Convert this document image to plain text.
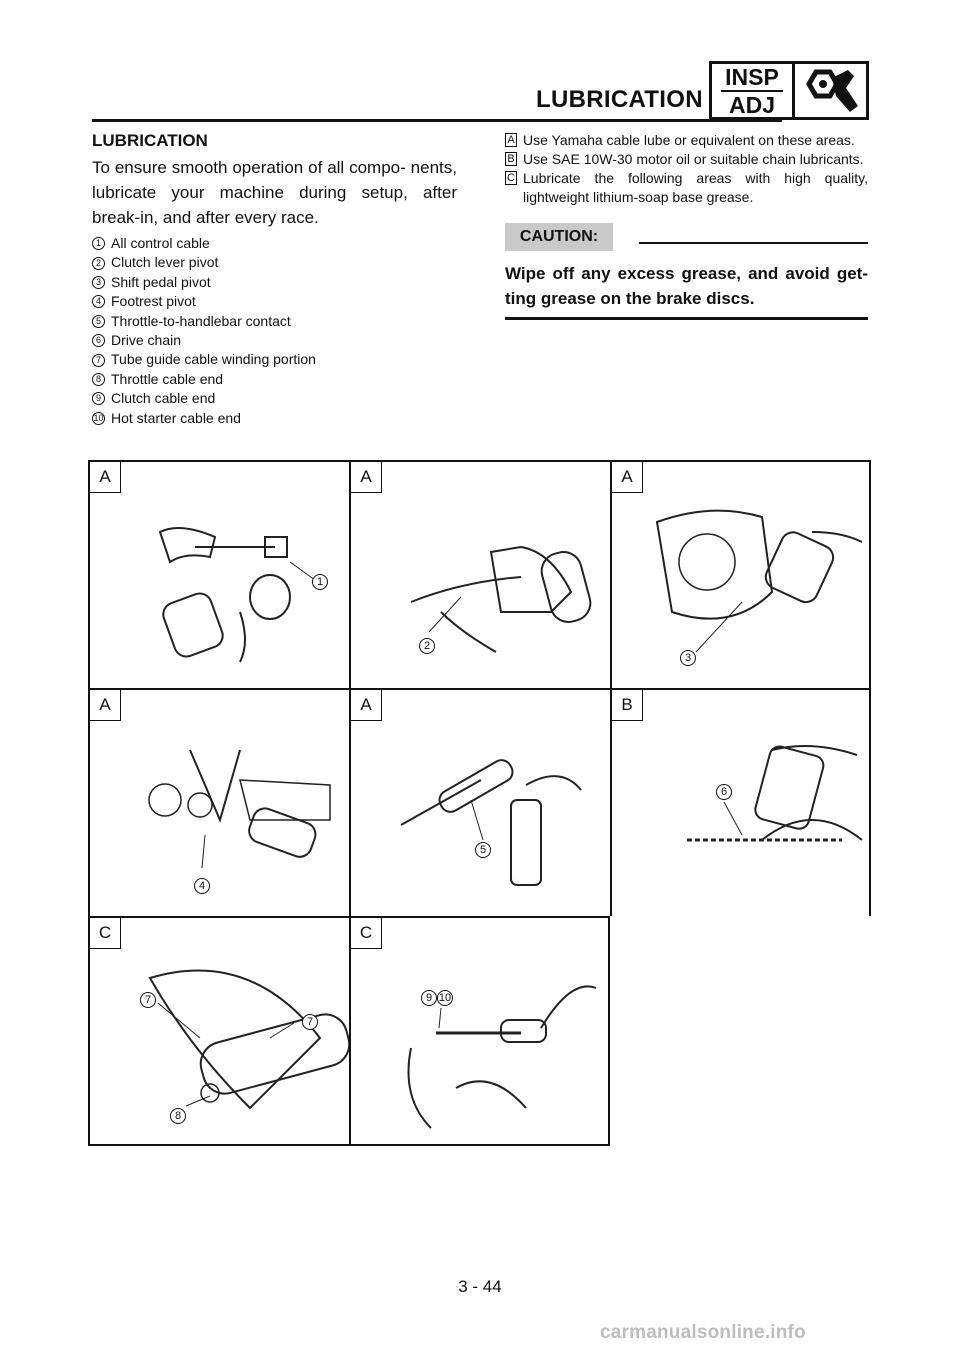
LUBRICATION
INSP
ADJ
LUBRICATION

To ensure smooth operation of all compo- nents, lubricate your machine during setup, after break-in, and after every race.

1 All control cable
2 Clutch lever pivot
3 Shift pedal pivot
4 Footrest pivot
5 Throttle-to-handlebar contact
6 Drive chain
7 Tube guide cable winding portion
8 Throttle cable end
9 Clutch cable end
10 Hot starter cable end
A Use Yamaha cable lube or equivalent on these areas.
B Use SAE 10W-30 motor oil or suitable chain lubricants.
C Lubricate the following areas with high quality, lightweight lithium-soap base grease.
CAUTION:
Wipe off any excess grease, and avoid get- ting grease on the brake discs.
A
1
A
2
A
3
A
4
A
5
B
6
C
7
7
8
C
9 10
3 - 44
carmanualsonline.info
